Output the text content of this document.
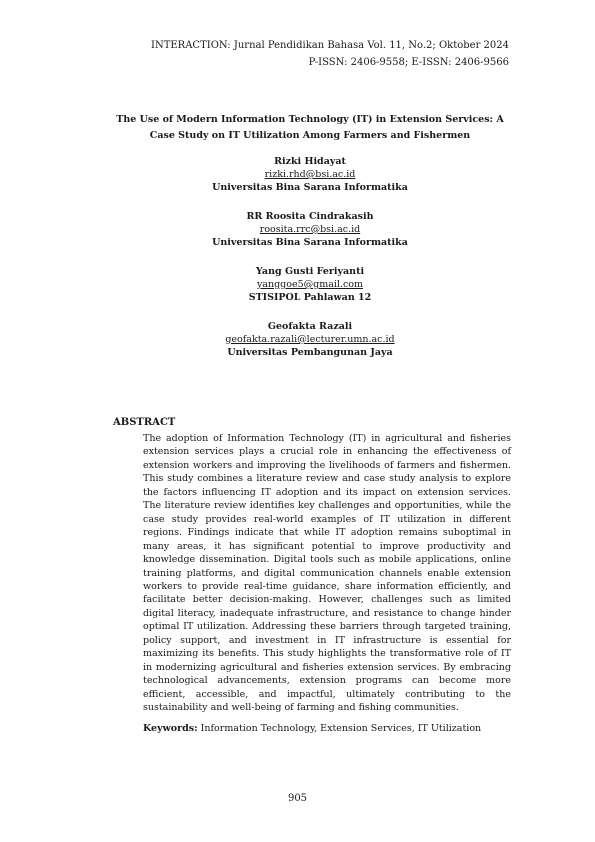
INTERACTION: Jurnal Pendidikan Bahasa Vol. 11, No.2; Oktober 2024
P-ISSN: 2406-9558; E-ISSN: 2406-9566
The Use of Modern Information Technology (IT) in Extension Services: A
Case Study on IT Utilization Among Farmers and Fishermen
Rizki Hidayat
rizki.rhd@bsi.ac.id
Universitas Bina Sarana Informatika
RR Roosita Cindrakasih
roosita.rrc@bsi.ac.id
Universitas Bina Sarana Informatika
Yang Gusti Feriyanti
yanggoe5@gmail.com
STISIPOL Pahlawan 12
Geofakta Razali
geofakta.razali@lecturer.umn.ac.id
Universitas Pembangunan Jaya
ABSTRACT

The adoption of Information Technology (IT) in agricultural and fisheries extension services plays a crucial role in enhancing the effectiveness of extension workers and improving the livelihoods of farmers and fishermen. This study combines a literature review and case study analysis to explore the factors influencing IT adoption and its impact on extension services. The literature review identifies key challenges and opportunities, while the case study provides real-world examples of IT utilization in different regions. Findings indicate that while IT adoption remains suboptimal in many areas, it has significant potential to improve productivity and knowledge dissemination. Digital tools such as mobile applications, online training platforms, and digital communication channels enable extension workers to provide real-time guidance, share information efficiently, and facilitate better decision-making. However, challenges such as limited digital literacy, inadequate infrastructure, and resistance to change hinder optimal IT utilization. Addressing these barriers through targeted training, policy support, and investment in IT infrastructure is essential for maximizing its benefits. This study highlights the transformative role of IT in modernizing agricultural and fisheries extension services. By embracing technological advancements, extension programs can become more efficient, accessible, and impactful, ultimately contributing to the sustainability and well-being of farming and fishing communities.

Keywords: Information Technology, Extension Services, IT Utilization
905
